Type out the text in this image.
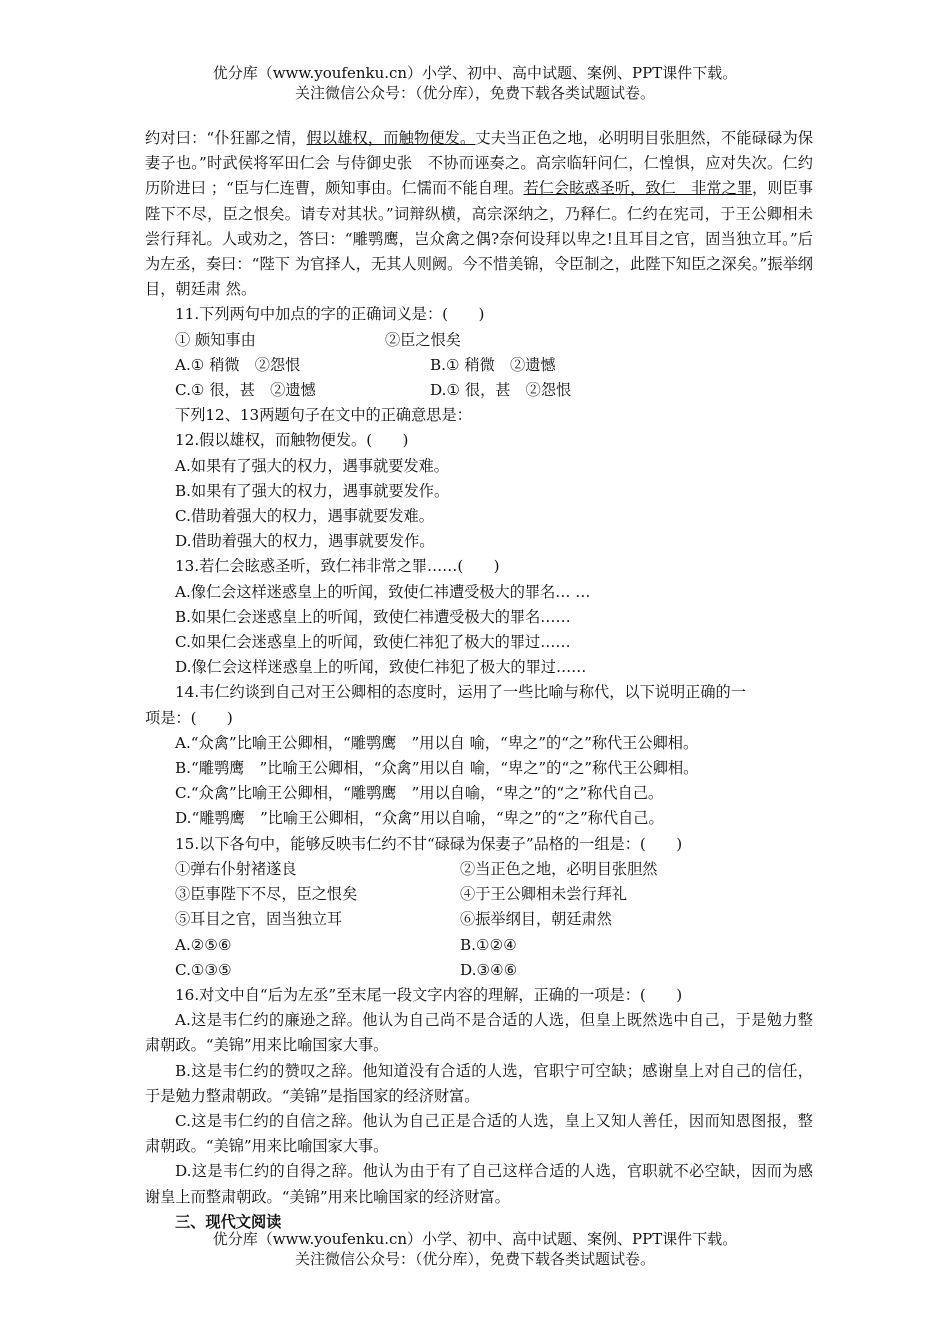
优分库（www.youfenku.cn）小学、初中、高中试题、案例、PPT课件下载。
关注微信公众号：（优分库），免费下载各类试题试卷。

约对曰：“仆狂鄙之情，假以雄权，而触物便发。丈夫当正色之地，必明明目张胆然，不能碌碌为保妻子也。”时武侯将军田仁会 与侍御史张　不协而诬奏之。高宗临轩问仁，仁惶惧，应对失次。仁约历阶进曰 ；“臣与仁连曹，颇知事由。仁懦而不能自理。若仁会眩惑圣听，致仁　非常之罪，则臣事陛下不尽，臣之恨矣。请专对其状。”词辩纵横，高宗深纳之，乃释仁。仁约在宪司，于王公卿相未尝行拜礼。人或劝之，答曰：“雕鹗鹰，岂众禽之偶?奈何设拜以卑之!且耳目之官，固当独立耳。”后为左丞，奏曰：“陛下 为官择人，无其人则阙。今不惜美锦，令臣制之，此陛下知臣之深矣。”振举纲目，朝廷肃 然。

11.下列两句中加点的字的正确词义是：(　　)

① 颇知事由	②臣之恨矣
A.① 稍微　②怨恨	B.① 稍微　②遗憾
C.① 很，甚　②遗憾	D.① 很，甚　②怨恨

下列12、13两题句子在文中的正确意思是：

12.假以雄权，而触物便发。(　　)

A.如果有了强大的权力，遇事就要发难。

B.如果有了强大的权力，遇事就要发作。

C.借助着强大的权力，遇事就要发难。

D.借助着强大的权力，遇事就要发作。

13.若仁会眩惑圣听，致仁祎非常之罪……(　　)

A.像仁会这样迷惑皇上的听闻，致使仁祎遭受极大的罪名… …

B.如果仁会迷惑皇上的听闻，致使仁祎遭受极大的罪名……

C.如果仁会迷惑皇上的听闻，致使仁祎犯了极大的罪过……

D.像仁会这样迷惑皇上的听闻，致使仁祎犯了极大的罪过……

14.韦仁约谈到自己对王公卿相的态度时，运用了一些比喻与称代，以下说明正确的一

项是：(　　)

A.“众禽”比喻王公卿相，“雕鹗鹰　”用以自 喻，“卑之”的“之”称代王公卿相。

B.“雕鹗鹰　”比喻王公卿相，“众禽”用以自 喻，“卑之”的“之”称代王公卿相。

C.“众禽”比喻王公卿相，“雕鹗鹰　”用以自喻，“卑之”的“之”称代自己。

D.“雕鹗鹰　”比喻王公卿相，“众禽”用以自喻，“卑之”的“之”称代自己。

15.以下各句中，能够反映韦仁约不甘“碌碌为保妻子”品格的一组是：(　　)

①弹右仆射褚遂良	②当正色之地，必明目张胆然
③臣事陛下不尽，臣之恨矣	④于王公卿相未尝行拜礼
⑤耳目之官，固当独立耳	⑥振举纲目，朝廷肃然
A.②⑤⑥	B.①②④
C.①③⑤	D.③④⑥

16.对文中自“后为左丞”至末尾一段文字内容的理解，正确的一项是：(　　)

A.这是韦仁约的廉逊之辞。他认为自己尚不是合适的人选，但皇上既然选中自己，于是勉力整肃朝政。“美锦”用来比喻国家大事。

B.这是韦仁约的赞叹之辞。他知道没有合适的人选，官职宁可空缺；感谢皇上对自己的信任，于是勉力整肃朝政。“美锦”是指国家的经济财富。

C.这是韦仁约的自信之辞。他认为自己正是合适的人选，皇上又知人善任，因而知恩图报，整肃朝政。“美锦”用来比喻国家大事。

D.这是韦仁约的自得之辞。他认为由于有了自己这样合适的人选，官职就不必空缺，因而为感谢皇上而整肃朝政。“美锦”用来比喻国家的经济财富。

三、现代文阅读

优分库（www.youfenku.cn）小学、初中、高中试题、案例、PPT课件下载。
关注微信公众号：（优分库），免费下载各类试题试卷。
